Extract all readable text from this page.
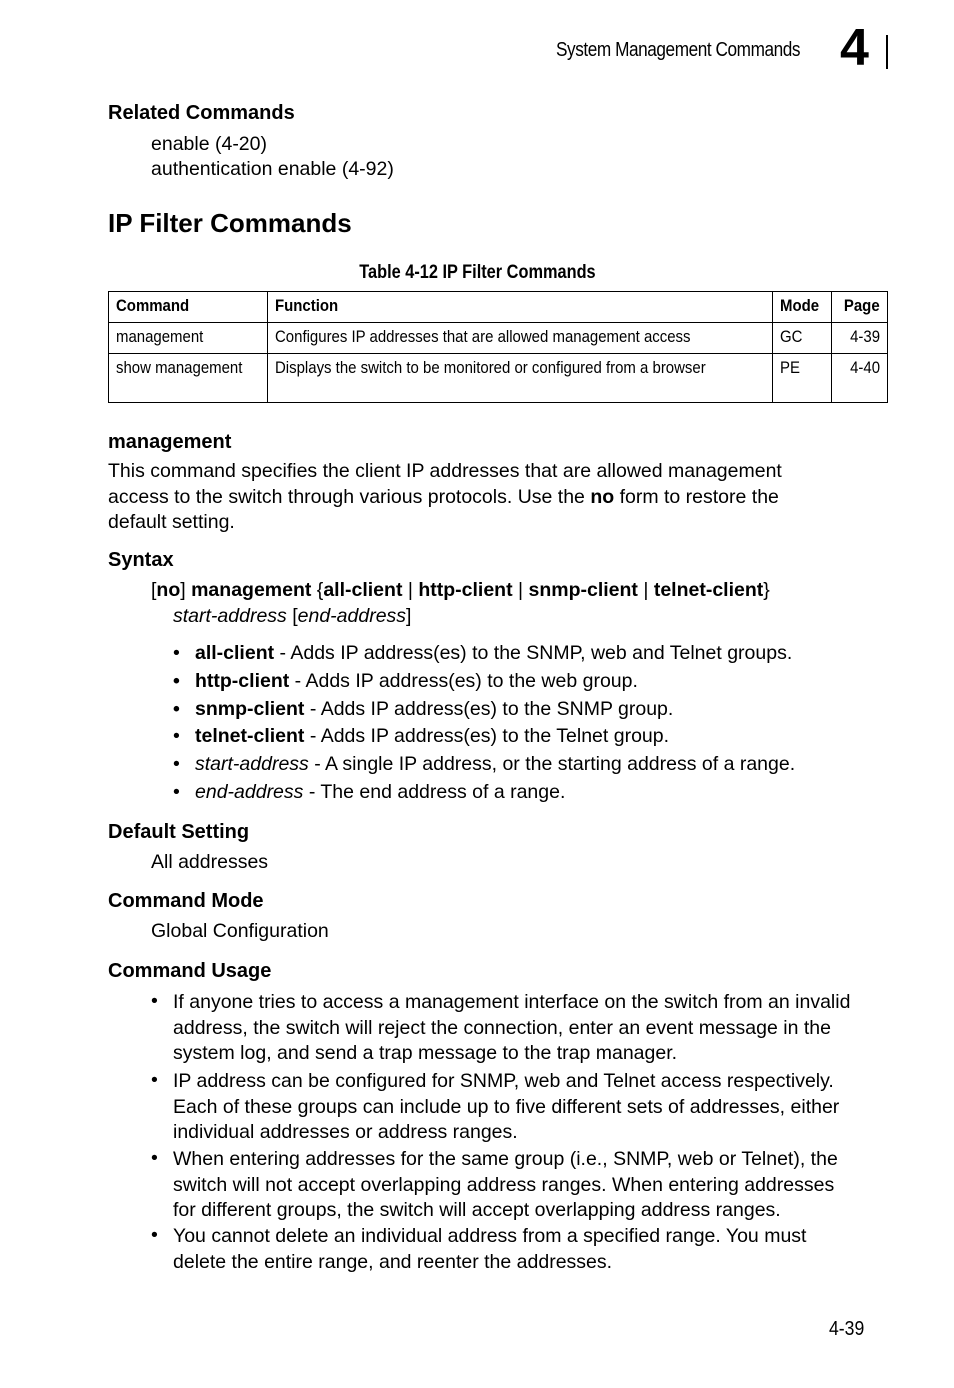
System Management Commands 4
Related Commands
enable (4-20)
authentication enable (4-92)
IP Filter Commands
Table 4-12 IP Filter Commands
Command	Function	Mode	Page
management	Configures IP addresses that are allowed management access	GC	4-39
show management	Displays the switch to be monitored or configured from a browser	PE	4-40
management
This command specifies the client IP addresses that are allowed management
access to the switch through various protocols. Use the no form to restore the
default setting.
Syntax
[no] management {all-client | http-client | snmp-client | telnet-client}
start-address [end-address]
• all-client - Adds IP address(es) to the SNMP, web and Telnet groups.
• http-client - Adds IP address(es) to the web group.
• snmp-client - Adds IP address(es) to the SNMP group.
• telnet-client - Adds IP address(es) to the Telnet group.
• start-address - A single IP address, or the starting address of a range.
• end-address - The end address of a range.
Default Setting
All addresses
Command Mode
Global Configuration
Command Usage
• If anyone tries to access a management interface on the switch from an invalid
address, the switch will reject the connection, enter an event message in the
system log, and send a trap message to the trap manager.
• IP address can be configured for SNMP, web and Telnet access respectively.
Each of these groups can include up to five different sets of addresses, either
individual addresses or address ranges.
• When entering addresses for the same group (i.e., SNMP, web or Telnet), the
switch will not accept overlapping address ranges. When entering addresses
for different groups, the switch will accept overlapping address ranges.
• You cannot delete an individual address from a specified range. You must
delete the entire range, and reenter the addresses.
4-39
